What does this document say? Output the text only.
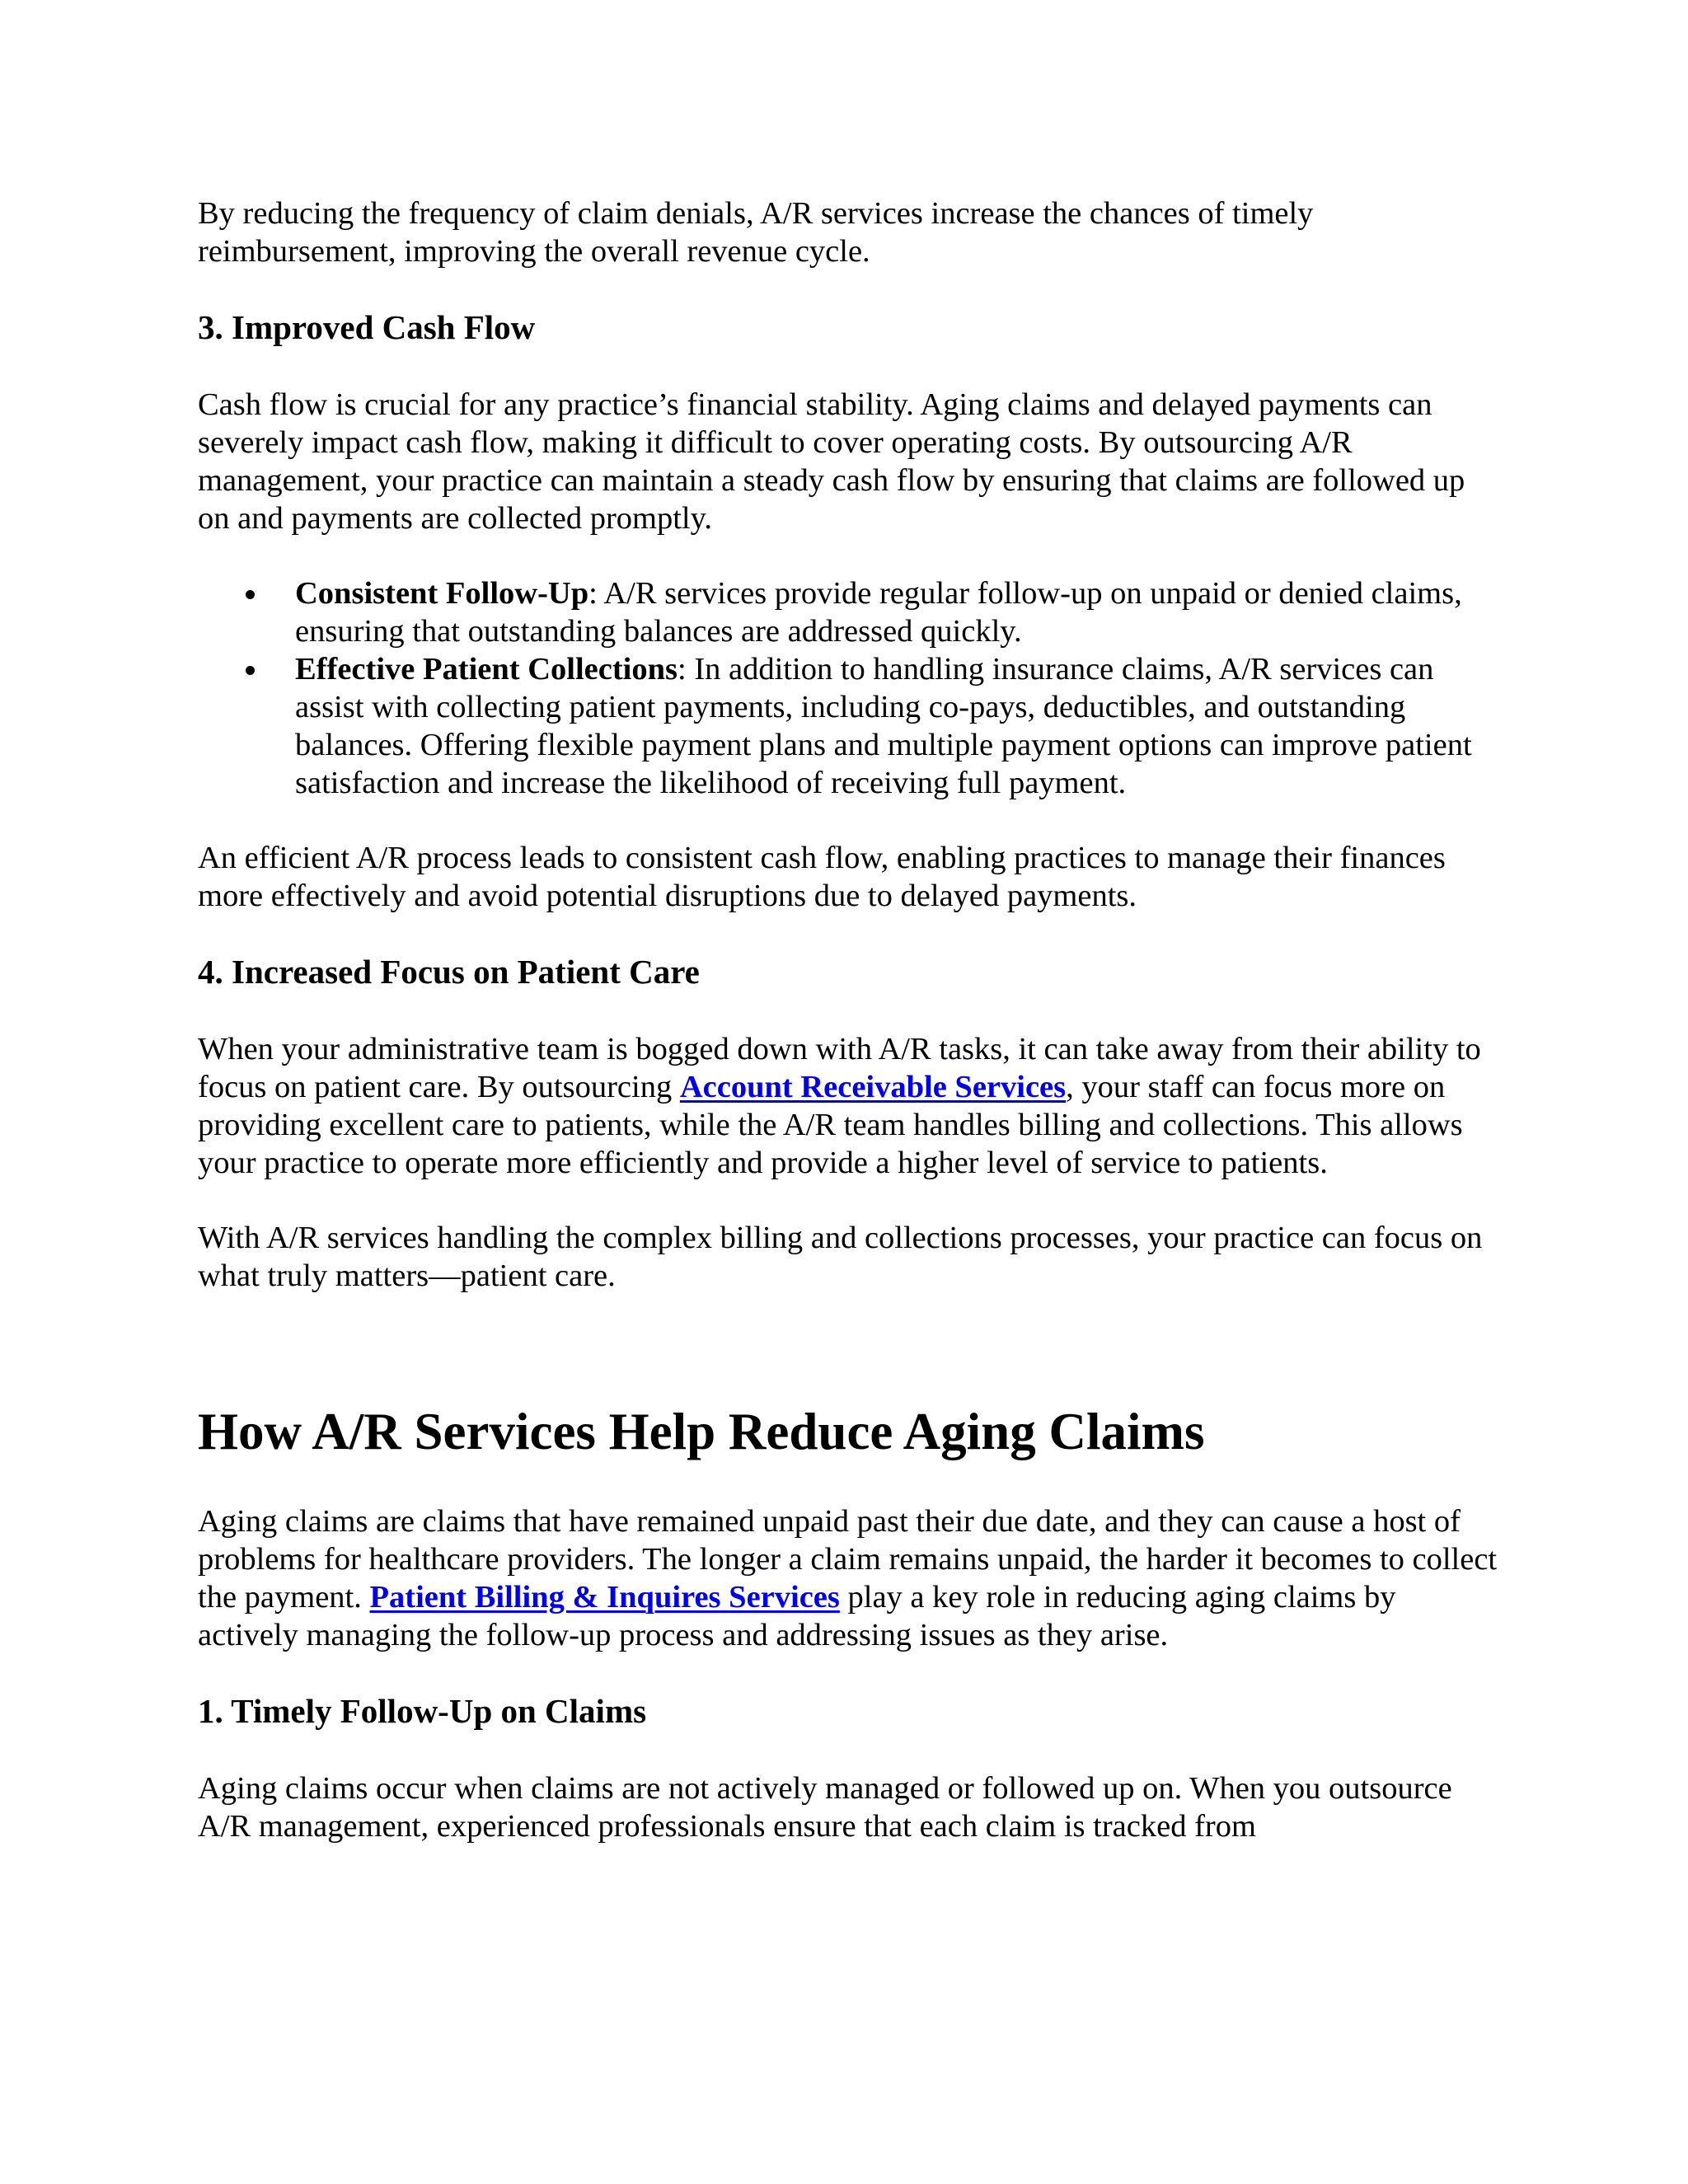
By reducing the frequency of claim denials, A/R services increase the chances of timely reimbursement, improving the overall revenue cycle.

3. Improved Cash Flow

Cash flow is crucial for any practice’s financial stability. Aging claims and delayed payments can severely impact cash flow, making it difficult to cover operating costs. By outsourcing A/R management, your practice can maintain a steady cash flow by ensuring that claims are followed up on and payments are collected promptly.

Consistent Follow-Up: A/R services provide regular follow-up on unpaid or denied claims, ensuring that outstanding balances are addressed quickly.
Effective Patient Collections: In addition to handling insurance claims, A/R services can assist with collecting patient payments, including co-pays, deductibles, and outstanding balances. Offering flexible payment plans and multiple payment options can improve patient satisfaction and increase the likelihood of receiving full payment.

An efficient A/R process leads to consistent cash flow, enabling practices to manage their finances more effectively and avoid potential disruptions due to delayed payments.

4. Increased Focus on Patient Care

When your administrative team is bogged down with A/R tasks, it can take away from their ability to focus on patient care. By outsourcing Account Receivable Services, your staff can focus more on providing excellent care to patients, while the A/R team handles billing and collections. This allows your practice to operate more efficiently and provide a higher level of service to patients.

With A/R services handling the complex billing and collections processes, your practice can focus on what truly matters—patient care.

How A/R Services Help Reduce Aging Claims

Aging claims are claims that have remained unpaid past their due date, and they can cause a host of problems for healthcare providers. The longer a claim remains unpaid, the harder it becomes to collect the payment. Patient Billing & Inquires Services play a key role in reducing aging claims by actively managing the follow-up process and addressing issues as they arise.

1. Timely Follow-Up on Claims

Aging claims occur when claims are not actively managed or followed up on. When you outsource A/R management, experienced professionals ensure that each claim is tracked from
